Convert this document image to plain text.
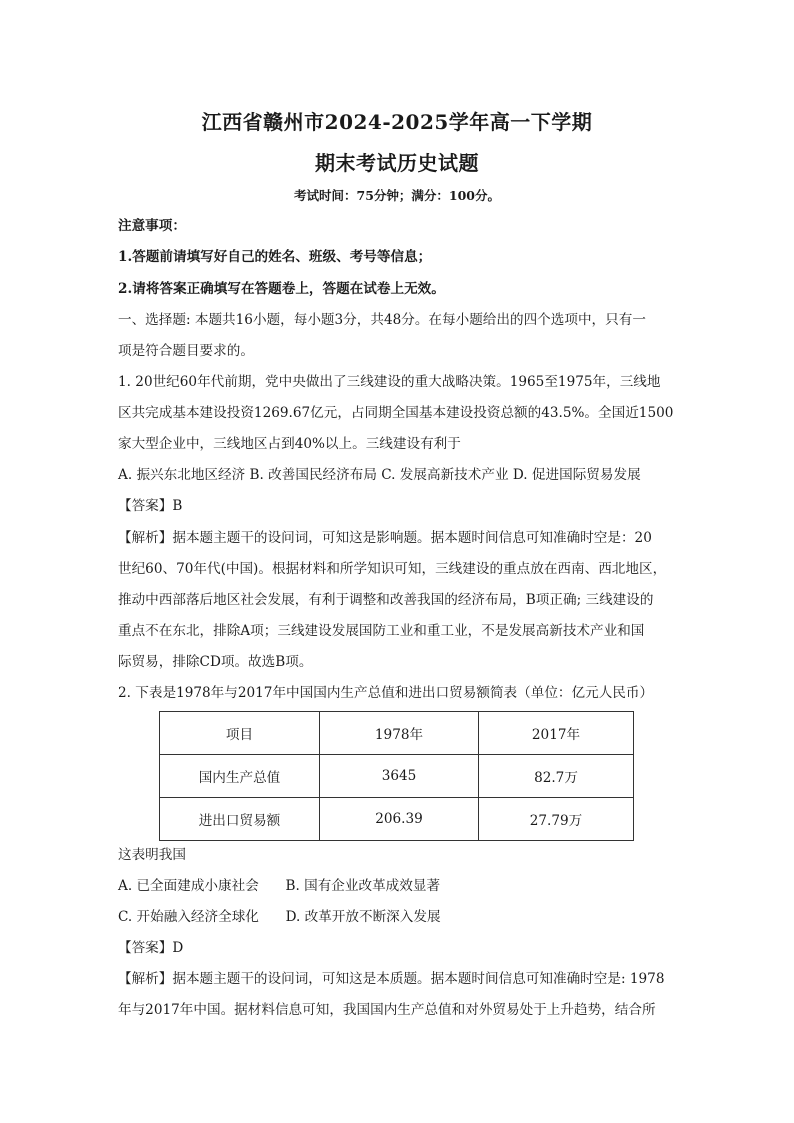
江西省赣州市2024-2025学年高一下学期
期末考试历史试题
考试时间：75分钟；满分：100分。
注意事项：
1.答题前请填写好自己的姓名、班级、考号等信息；
2.请将答案正确填写在答题卷上，答题在试卷上无效。
一、选择题: 本题共16小题，每小题3分，共48分。在每小题给出的四个选项中，只有一
项是符合题目要求的。
1. 20世纪60年代前期，党中央做出了三线建设的重大战略决策。1965至1975年，三线地
区共完成基本建设投资1269.67亿元，占同期全国基本建设投资总额的43.5%。全国近1500
家大型企业中，三线地区占到40%以上。三线建设有利于
A. 振兴东北地区经济 B. 改善国民经济布局 C. 发展高新技术产业 D. 促进国际贸易发展
【答案】B
【解析】据本题主题干的设问词，可知这是影响题。据本题时间信息可知准确时空是：20
世纪60、70年代(中国)。根据材料和所学知识可知，三线建设的重点放在西南、西北地区，
推动中西部落后地区社会发展，有利于调整和改善我国的经济布局，B项正确; 三线建设的
重点不在东北，排除A项；三线建设发展国防工业和重工业，不是发展高新技术产业和国
际贸易，排除CD项。故选B项。
2. 下表是1978年与2017年中国国内生产总值和进出口贸易额简表（单位：亿元人民币）
项目	1978年	2017年
国内生产总值	3645	82.7万
进出口贸易额	206.39	27.79万
这表明我国
A. 已全面建成小康社会 B. 国有企业改革成效显著
C. 开始融入经济全球化 D. 改革开放不断深入发展
【答案】D
【解析】据本题主题干的设问词，可知这是本质题。据本题时间信息可知准确时空是: 1978
年与2017年中国。据材料信息可知，我国国内生产总值和对外贸易处于上升趋势，结合所
